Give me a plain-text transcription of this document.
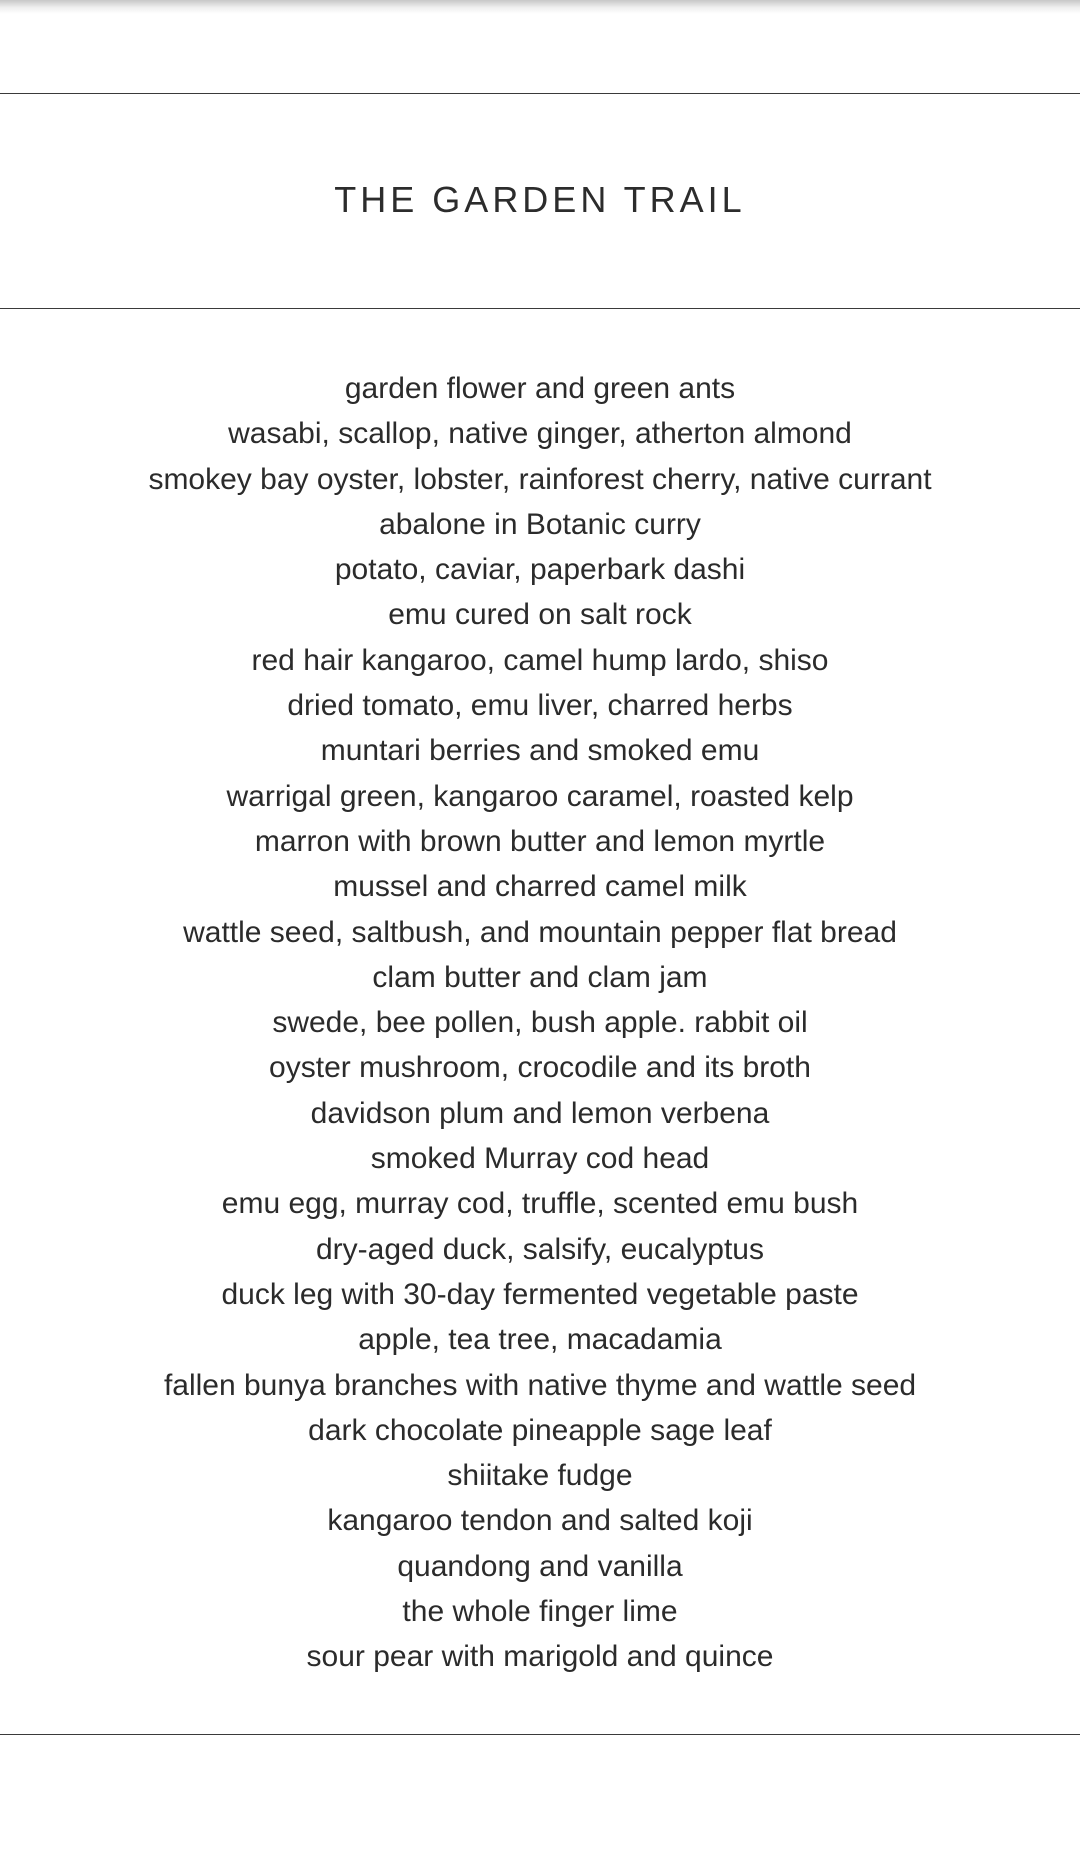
THE GARDEN TRAIL
garden flower and green ants
wasabi, scallop, native ginger, atherton almond
smokey bay oyster, lobster, rainforest cherry, native currant
abalone in Botanic curry
potato, caviar, paperbark dashi
emu cured on salt rock
red hair kangaroo, camel hump lardo, shiso
dried tomato, emu liver, charred herbs
muntari berries and smoked emu
warrigal green, kangaroo caramel, roasted kelp
marron with brown butter and lemon myrtle
mussel and charred camel milk
wattle seed, saltbush, and mountain pepper flat bread
clam butter and clam jam
swede, bee pollen, bush apple. rabbit oil
oyster mushroom, crocodile and its broth
davidson plum and lemon verbena
smoked Murray cod head
emu egg, murray cod, truffle, scented emu bush
dry-aged duck, salsify, eucalyptus
duck leg with 30-day fermented vegetable paste
apple, tea tree, macadamia
fallen bunya branches with native thyme and wattle seed
dark chocolate pineapple sage leaf
shiitake fudge
kangaroo tendon and salted koji
quandong and vanilla
the whole finger lime
sour pear with marigold and quince
